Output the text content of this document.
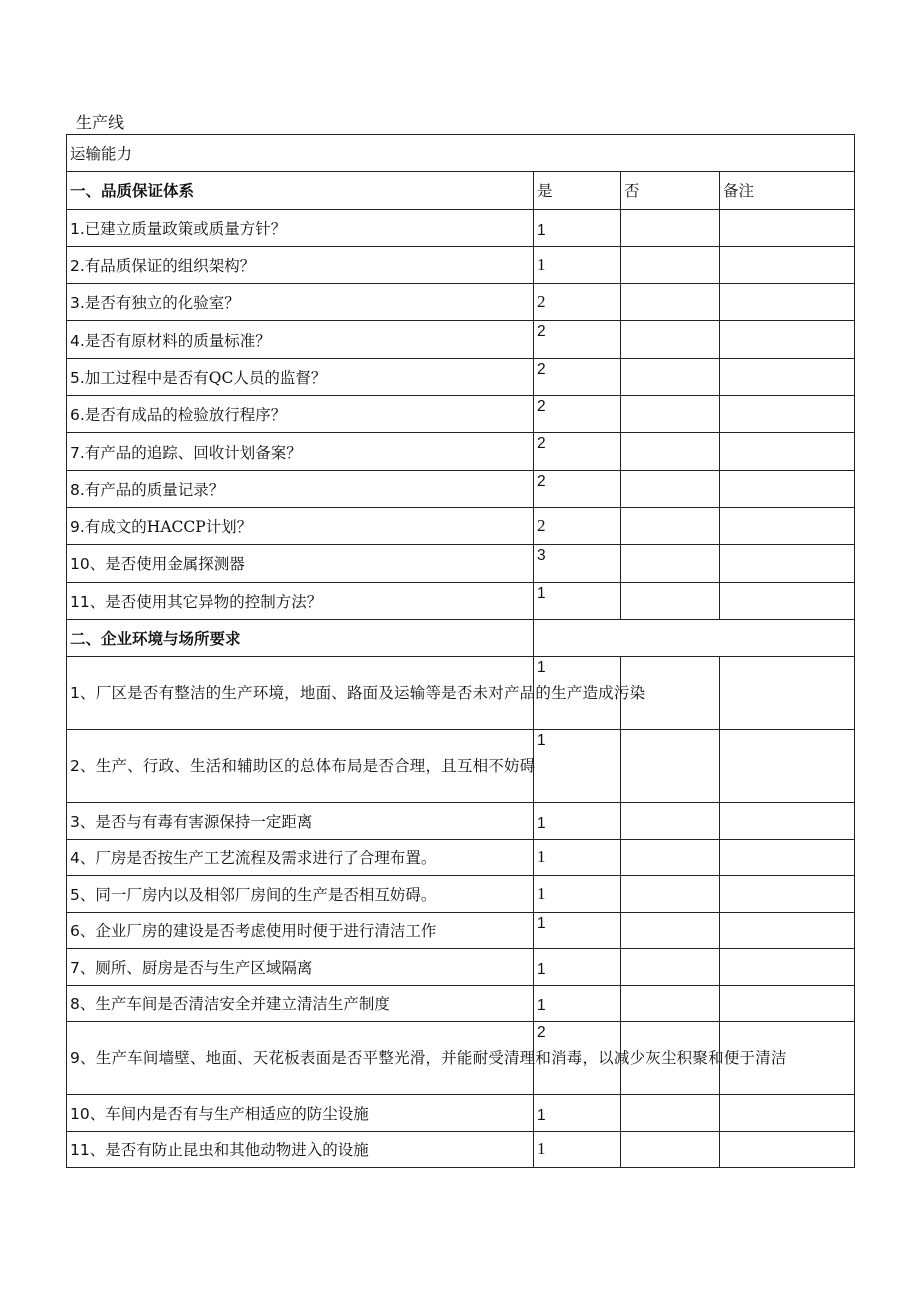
生产线
运输能力			
一、品质保证体系	是	否	备注
1.已建立质量政策或质量方针？	1		
2.有品质保证的组织架构？	1		
3.是否有独立的化验室？	2		
4.是否有原材料的质量标准？	2		
5.加工过程中是否有QC人员的监督？	2		
6.是否有成品的检验放行程序？	2		
7.有产品的追踪、回收计划备案？	2		
8.有产品的质量记录？	2		
9.有成文的HACCP计划？	2		
10、是否使用金属探测器	3		
11、是否使用其它异物的控制方法？	1		
二、企业环境与场所要求			
1、厂区是否有整洁的生产环境，地面、路面及运输等是否未对产品的生产造成污染	1		
2、生产、行政、生活和辅助区的总体布局是否合理，且互相不妨碍	1		
3、是否与有毒有害源保持一定距离	1		
4、厂房是否按生产工艺流程及需求进行了合理布置。	1		
5、同一厂房内以及相邻厂房间的生产是否相互妨碍。	1		
6、企业厂房的建设是否考虑使用时便于进行清洁工作	1		
7、厕所、厨房是否与生产区域隔离	1		
8、生产车间是否清洁安全并建立清洁生产制度	1		
9、生产车间墙壁、地面、天花板表面是否平整光滑，并能耐受清理和消毒，以减少灰尘积聚和便于清洁	2		
10、车间内是否有与生产相适应的防尘设施	1		
11、是否有防止昆虫和其他动物进入的设施	1		
